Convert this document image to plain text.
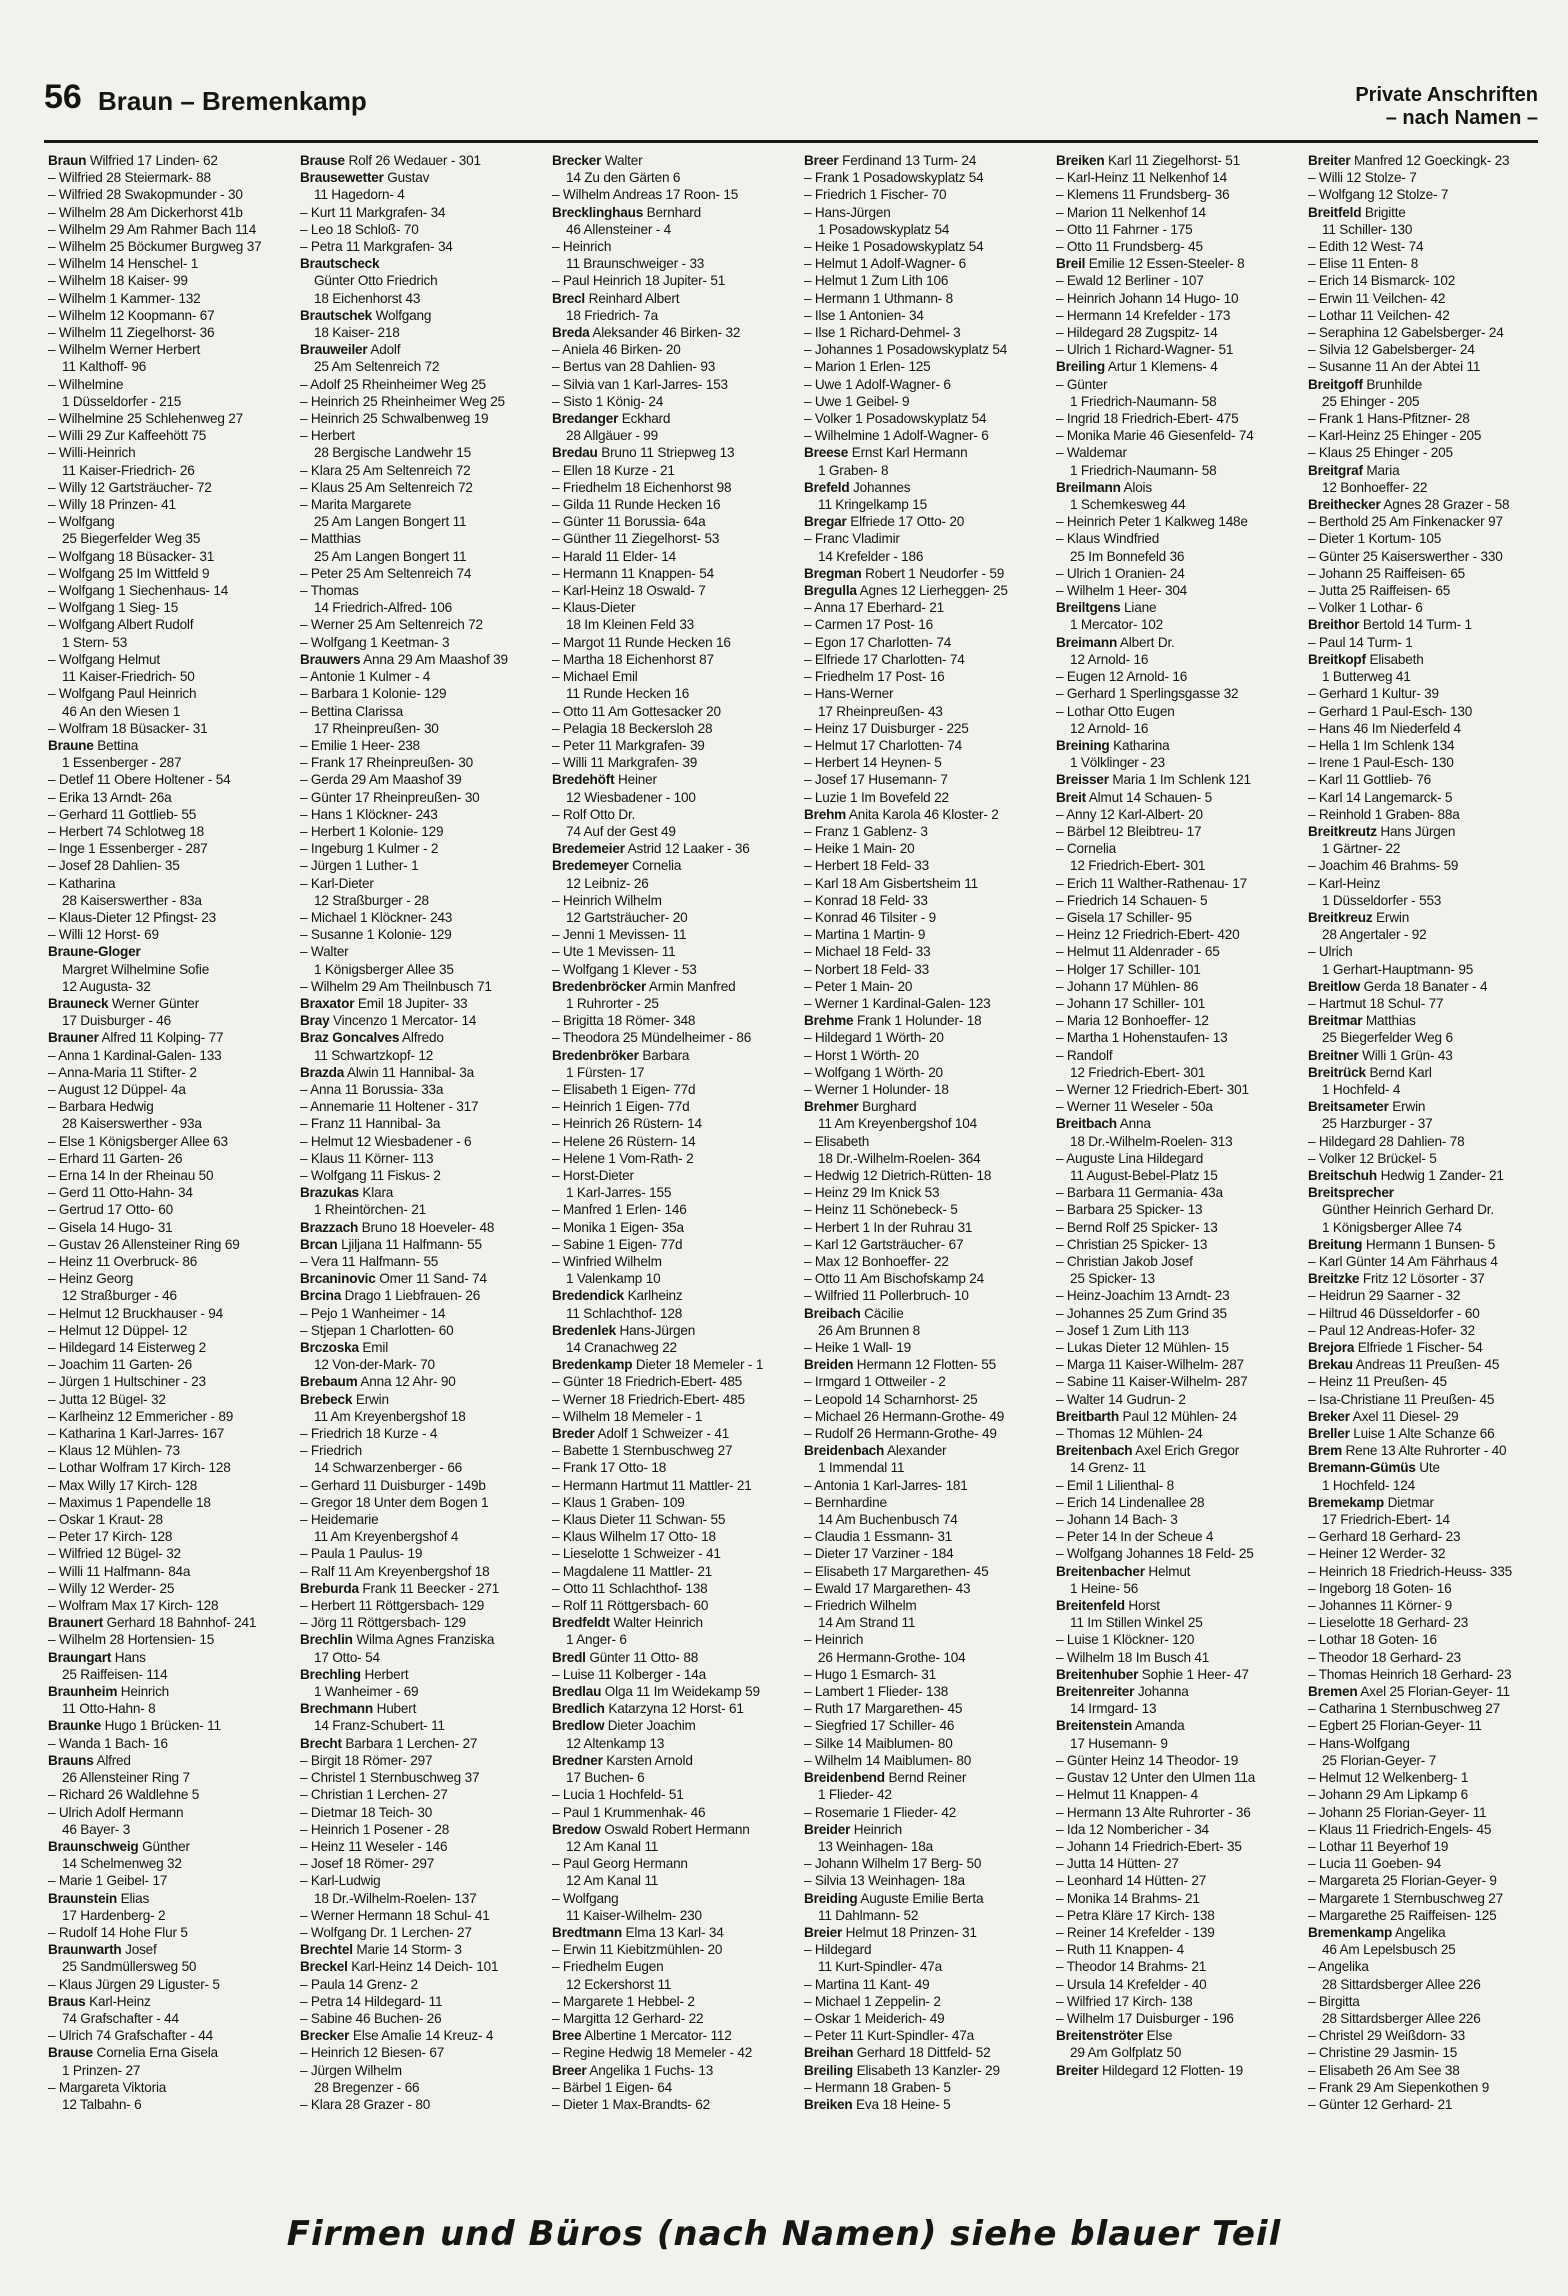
56 Braun – Bremenkamp	Private Anschriften
– nach Namen –
Braun Wilfried 17 Linden- 62
– Wilfried 28 Steiermark- 88
– Wilfried 28 Swakopmunder - 30
– Wilhelm 28 Am Dickerhorst 41b
– Wilhelm 29 Am Rahmer Bach 114
– Wilhelm 25 Böckumer Burgweg 37
– Wilhelm 14 Henschel- 1
– Wilhelm 18 Kaiser- 99
– Wilhelm 1 Kammer- 132
– Wilhelm 12 Koopmann- 67
– Wilhelm 11 Ziegelhorst- 36
– Wilhelm Werner Herbert
11 Kalthoff- 96
– Wilhelmine
1 Düsseldorfer - 215
– Wilhelmine 25 Schlehenweg 27
– Willi 29 Zur Kaffeehött 75
– Willi-Heinrich
11 Kaiser-Friedrich- 26
– Willy 12 Gartsträucher- 72
– Willy 18 Prinzen- 41
– Wolfgang
25 Biegerfelder Weg 35
– Wolfgang 18 Büsacker- 31
– Wolfgang 25 Im Wittfeld 9
– Wolfgang 1 Siechenhaus- 14
– Wolfgang 1 Sieg- 15
– Wolfgang Albert Rudolf
1 Stern- 53
– Wolfgang Helmut
11 Kaiser-Friedrich- 50
– Wolfgang Paul Heinrich
46 An den Wiesen 1
– Wolfram 18 Büsacker- 31
Braune Bettina
1 Essenberger - 287
– Detlef 11 Obere Holtener - 54
– Erika 13 Arndt- 26a
– Gerhard 11 Gottlieb- 55
– Herbert 74 Schlotweg 18
– Inge 1 Essenberger - 287
– Josef 28 Dahlien- 35
– Katharina
28 Kaiserswerther - 83a
– Klaus-Dieter 12 Pfingst- 23
– Willi 12 Horst- 69
Braune-Gloger
Margret Wilhelmine Sofie
12 Augusta- 32
Brauneck Werner Günter
17 Duisburger - 46
Brauner Alfred 11 Kolping- 77
– Anna 1 Kardinal-Galen- 133
– Anna-Maria 11 Stifter- 2
– August 12 Düppel- 4a
– Barbara Hedwig
28 Kaiserswerther - 93a
– Else 1 Königsberger Allee 63
– Erhard 11 Garten- 26
– Erna 14 In der Rheinau 50
– Gerd 11 Otto-Hahn- 34
– Gertrud 17 Otto- 60
– Gisela 14 Hugo- 31
– Gustav 26 Allensteiner Ring 69
– Heinz 11 Overbruck- 86
– Heinz Georg
12 Straßburger - 46
– Helmut 12 Bruckhauser - 94
– Helmut 12 Düppel- 12
– Hildegard 14 Eisterweg 2
– Joachim 11 Garten- 26
– Jürgen 1 Hultschiner - 23
– Jutta 12 Bügel- 32
– Karlheinz 12 Emmericher - 89
– Katharina 1 Karl-Jarres- 167
– Klaus 12 Mühlen- 73
– Lothar Wolfram 17 Kirch- 128
– Max Willy 17 Kirch- 128
– Maximus 1 Papendelle 18
– Oskar 1 Kraut- 28
– Peter 17 Kirch- 128
– Wilfried 12 Bügel- 32
– Willi 11 Halfmann- 84a
– Willy 12 Werder- 25
– Wolfram Max 17 Kirch- 128
Braunert Gerhard 18 Bahnhof- 241
– Wilhelm 28 Hortensien- 15
Braungart Hans
25 Raiffeisen- 114
Braunheim Heinrich
11 Otto-Hahn- 8
Braunke Hugo 1 Brücken- 11
– Wanda 1 Bach- 16
Brauns Alfred
26 Allensteiner Ring 7
– Richard 26 Waldlehne 5
– Ulrich Adolf Hermann
46 Bayer- 3
Braunschweig Günther
14 Schelmenweg 32
– Marie 1 Geibel- 17
Braunstein Elias
17 Hardenberg- 2
– Rudolf 14 Hohe Flur 5
Braunwarth Josef
25 Sandmüllersweg 50
– Klaus Jürgen 29 Liguster- 5
Braus Karl-Heinz
74 Grafschafter - 44
– Ulrich 74 Grafschafter - 44
Brause Cornelia Erna Gisela
1 Prinzen- 27
– Margareta Viktoria
12 Talbahn- 6
Brause Rolf 26 Wedauer - 301
Brausewetter Gustav
11 Hagedorn- 4
– Kurt 11 Markgrafen- 34
– Leo 18 Schloß- 70
– Petra 11 Markgrafen- 34
Brautscheck
Günter Otto Friedrich
18 Eichenhorst 43
Brautschek Wolfgang
18 Kaiser- 218
Brauweiler Adolf
25 Am Seltenreich 72
– Adolf 25 Rheinheimer Weg 25
– Heinrich 25 Rheinheimer Weg 25
– Heinrich 25 Schwalbenweg 19
– Herbert
28 Bergische Landwehr 15
– Klara 25 Am Seltenreich 72
– Klaus 25 Am Seltenreich 72
– Marita Margarete
25 Am Langen Bongert 11
– Matthias
25 Am Langen Bongert 11
– Peter 25 Am Seltenreich 74
– Thomas
14 Friedrich-Alfred- 106
– Werner 25 Am Seltenreich 72
– Wolfgang 1 Keetman- 3
Brauwers Anna 29 Am Maashof 39
– Antonie 1 Kulmer - 4
– Barbara 1 Kolonie- 129
– Bettina Clarissa
17 Rheinpreußen- 30
– Emilie 1 Heer- 238
– Frank 17 Rheinpreußen- 30
– Gerda 29 Am Maashof 39
– Günter 17 Rheinpreußen- 30
– Hans 1 Klöckner- 243
– Herbert 1 Kolonie- 129
– Ingeburg 1 Kulmer - 2
– Jürgen 1 Luther- 1
– Karl-Dieter
12 Straßburger - 28
– Michael 1 Klöckner- 243
– Susanne 1 Kolonie- 129
– Walter
1 Königsberger Allee 35
– Wilhelm 29 Am Theilnbusch 71
Braxator Emil 18 Jupiter- 33
Bray Vincenzo 1 Mercator- 14
Braz Goncalves Alfredo
11 Schwartzkopf- 12
Brazda Alwin 11 Hannibal- 3a
– Anna 11 Borussia- 33a
– Annemarie 11 Holtener - 317
– Franz 11 Hannibal- 3a
– Helmut 12 Wiesbadener - 6
– Klaus 11 Körner- 113
– Wolfgang 11 Fiskus- 2
Brazukas Klara
1 Rheintörchen- 21
Brazzach Bruno 18 Hoeveler- 48
Brcan Ljiljana 11 Halfmann- 55
– Vera 11 Halfmann- 55
Brcaninovic Omer 11 Sand- 74
Brcina Drago 1 Liebfrauen- 26
– Pejo 1 Wanheimer - 14
– Stjepan 1 Charlotten- 60
Brczoska Emil
12 Von-der-Mark- 70
Brebaum Anna 12 Ahr- 90
Brebeck Erwin
11 Am Kreyenbergshof 18
– Friedrich 18 Kurze - 4
– Friedrich
14 Schwarzenberger - 66
– Gerhard 11 Duisburger - 149b
– Gregor 18 Unter dem Bogen 1
– Heidemarie
11 Am Kreyenbergshof 4
– Paula 1 Paulus- 19
– Ralf 11 Am Kreyenbergshof 18
Breburda Frank 11 Beecker - 271
– Herbert 11 Röttgersbach- 129
– Jörg 11 Röttgersbach- 129
Brechlin Wilma Agnes Franziska
17 Otto- 54
Brechling Herbert
1 Wanheimer - 69
Brechmann Hubert
14 Franz-Schubert- 11
Brecht Barbara 1 Lerchen- 27
– Birgit 18 Römer- 297
– Christel 1 Sternbuschweg 37
– Christian 1 Lerchen- 27
– Dietmar 18 Teich- 30
– Heinrich 1 Posener - 28
– Heinz 11 Weseler - 146
– Josef 18 Römer- 297
– Karl-Ludwig
18 Dr.-Wilhelm-Roelen- 137
– Werner Hermann 18 Schul- 41
– Wolfgang Dr. 1 Lerchen- 27
Brechtel Marie 14 Storm- 3
Breckel Karl-Heinz 14 Deich- 101
– Paula 14 Grenz- 2
– Petra 14 Hildegard- 11
– Sabine 46 Buchen- 26
Brecker Else Amalie 14 Kreuz- 4
– Heinrich 12 Biesen- 67
– Jürgen Wilhelm
28 Bregenzer - 66
– Klara 28 Grazer - 80
Brecker Walter
14 Zu den Gärten 6
– Wilhelm Andreas 17 Roon- 15
Brecklinghaus Bernhard
46 Allensteiner - 4
– Heinrich
11 Braunschweiger - 33
– Paul Heinrich 18 Jupiter- 51
Brecl Reinhard Albert
18 Friedrich- 7a
Breda Aleksander 46 Birken- 32
– Aniela 46 Birken- 20
– Bertus van 28 Dahlien- 93
– Silvia van 1 Karl-Jarres- 153
– Sisto 1 König- 24
Bredanger Eckhard
28 Allgäuer - 99
Bredau Bruno 11 Striepweg 13
– Ellen 18 Kurze - 21
– Friedhelm 18 Eichenhorst 98
– Gilda 11 Runde Hecken 16
– Günter 11 Borussia- 64a
– Günther 11 Ziegelhorst- 53
– Harald 11 Elder- 14
– Hermann 11 Knappen- 54
– Karl-Heinz 18 Oswald- 7
– Klaus-Dieter
18 Im Kleinen Feld 33
– Margot 11 Runde Hecken 16
– Martha 18 Eichenhorst 87
– Michael Emil
11 Runde Hecken 16
– Otto 11 Am Gottesacker 20
– Pelagia 18 Beckersloh 28
– Peter 11 Markgrafen- 39
– Willi 11 Markgrafen- 39
Bredehöft Heiner
12 Wiesbadener - 100
– Rolf Otto Dr.
74 Auf der Gest 49
Bredemeier Astrid 12 Laaker - 36
Bredemeyer Cornelia
12 Leibniz- 26
– Heinrich Wilhelm
12 Gartsträucher- 20
– Jenni 1 Mevissen- 11
– Ute 1 Mevissen- 11
– Wolfgang 1 Klever - 53
Bredenbröcker Armin Manfred
1 Ruhrorter - 25
– Brigitta 18 Römer- 348
– Theodora 25 Mündelheimer - 86
Bredenbröker Barbara
1 Fürsten- 17
– Elisabeth 1 Eigen- 77d
– Heinrich 1 Eigen- 77d
– Heinrich 26 Rüstern- 14
– Helene 26 Rüstern- 14
– Helene 1 Vom-Rath- 2
– Horst-Dieter
1 Karl-Jarres- 155
– Manfred 1 Erlen- 146
– Monika 1 Eigen- 35a
– Sabine 1 Eigen- 77d
– Winfried Wilhelm
1 Valenkamp 10
Bredendick Karlheinz
11 Schlachthof- 128
Bredenlek Hans-Jürgen
14 Cranachweg 22
Bredenkamp Dieter 18 Memeler - 1
– Günter 18 Friedrich-Ebert- 485
– Werner 18 Friedrich-Ebert- 485
– Wilhelm 18 Memeler - 1
Breder Adolf 1 Schweizer - 41
– Babette 1 Sternbuschweg 27
– Frank 17 Otto- 18
– Hermann Hartmut 11 Mattler- 21
– Klaus 1 Graben- 109
– Klaus Dieter 11 Schwan- 55
– Klaus Wilhelm 17 Otto- 18
– Lieselotte 1 Schweizer - 41
– Magdalene 11 Mattler- 21
– Otto 11 Schlachthof- 138
– Rolf 11 Röttgersbach- 60
Bredfeldt Walter Heinrich
1 Anger- 6
Bredl Günter 11 Otto- 88
– Luise 11 Kolberger - 14a
Bredlau Olga 11 Im Weidekamp 59
Bredlich Katarzyna 12 Horst- 61
Bredlow Dieter Joachim
12 Altenkamp 13
Bredner Karsten Arnold
17 Buchen- 6
– Lucia 1 Hochfeld- 51
– Paul 1 Krummenhak- 46
Bredow Oswald Robert Hermann
12 Am Kanal 11
– Paul Georg Hermann
12 Am Kanal 11
– Wolfgang
11 Kaiser-Wilhelm- 230
Bredtmann Elma 13 Karl- 34
– Erwin 11 Kiebitzmühlen- 20
– Friedhelm Eugen
12 Eckershorst 11
– Margarete 1 Hebbel- 2
– Margitta 12 Gerhard- 22
Bree Albertine 1 Mercator- 112
– Regine Hedwig 18 Memeler - 42
Breer Angelika 1 Fuchs- 13
– Bärbel 1 Eigen- 64
– Dieter 1 Max-Brandts- 62
Breer Ferdinand 13 Turm- 24
– Frank 1 Posadowskyplatz 54
– Friedrich 1 Fischer- 70
– Hans-Jürgen
1 Posadowskyplatz 54
– Heike 1 Posadowskyplatz 54
– Helmut 1 Adolf-Wagner- 6
– Helmut 1 Zum Lith 106
– Hermann 1 Uthmann- 8
– Ilse 1 Antonien- 34
– Ilse 1 Richard-Dehmel- 3
– Johannes 1 Posadowskyplatz 54
– Marion 1 Erlen- 125
– Uwe 1 Adolf-Wagner- 6
– Uwe 1 Geibel- 9
– Volker 1 Posadowskyplatz 54
– Wilhelmine 1 Adolf-Wagner- 6
Breese Ernst Karl Hermann
1 Graben- 8
Brefeld Johannes
11 Kringelkamp 15
Bregar Elfriede 17 Otto- 20
– Franc Vladimir
14 Krefelder - 186
Bregman Robert 1 Neudorfer - 59
Bregulla Agnes 12 Lierheggen- 25
– Anna 17 Eberhard- 21
– Carmen 17 Post- 16
– Egon 17 Charlotten- 74
– Elfriede 17 Charlotten- 74
– Friedhelm 17 Post- 16
– Hans-Werner
17 Rheinpreußen- 43
– Heinz 17 Duisburger - 225
– Helmut 17 Charlotten- 74
– Herbert 14 Heynen- 5
– Josef 17 Husemann- 7
– Luzie 1 Im Bovefeld 22
Brehm Anita Karola 46 Kloster- 2
– Franz 1 Gablenz- 3
– Heike 1 Main- 20
– Herbert 18 Feld- 33
– Karl 18 Am Gisbertsheim 11
– Konrad 18 Feld- 33
– Konrad 46 Tilsiter - 9
– Martina 1 Martin- 9
– Michael 18 Feld- 33
– Norbert 18 Feld- 33
– Peter 1 Main- 20
– Werner 1 Kardinal-Galen- 123
Brehme Frank 1 Holunder- 18
– Hildegard 1 Wörth- 20
– Horst 1 Wörth- 20
– Wolfgang 1 Wörth- 20
– Werner 1 Holunder- 18
Brehmer Burghard
11 Am Kreyenbergshof 104
– Elisabeth
18 Dr.-Wilhelm-Roelen- 364
– Hedwig 12 Dietrich-Rütten- 18
– Heinz 29 Im Knick 53
– Heinz 11 Schönebeck- 5
– Herbert 1 In der Ruhrau 31
– Karl 12 Gartsträucher- 67
– Max 12 Bonhoeffer- 22
– Otto 11 Am Bischofskamp 24
– Wilfried 11 Pollerbruch- 10
Breibach Cäcilie
26 Am Brunnen 8
– Heike 1 Wall- 19
Breiden Hermann 12 Flotten- 55
– Irmgard 1 Ottweiler - 2
– Leopold 14 Scharnhorst- 25
– Michael 26 Hermann-Grothe- 49
– Rudolf 26 Hermann-Grothe- 49
Breidenbach Alexander
1 Immendal 11
– Antonia 1 Karl-Jarres- 181
– Bernhardine
14 Am Buchenbusch 74
– Claudia 1 Essmann- 31
– Dieter 17 Varziner - 184
– Elisabeth 17 Margarethen- 45
– Ewald 17 Margarethen- 43
– Friedrich Wilhelm
14 Am Strand 11
– Heinrich
26 Hermann-Grothe- 104
– Hugo 1 Esmarch- 31
– Lambert 1 Flieder- 138
– Ruth 17 Margarethen- 45
– Siegfried 17 Schiller- 46
– Silke 14 Maiblumen- 80
– Wilhelm 14 Maiblumen- 80
Breidenbend Bernd Reiner
1 Flieder- 42
– Rosemarie 1 Flieder- 42
Breider Heinrich
13 Weinhagen- 18a
– Johann Wilhelm 17 Berg- 50
– Silvia 13 Weinhagen- 18a
Breiding Auguste Emilie Berta
11 Dahlmann- 52
Breier Helmut 18 Prinzen- 31
– Hildegard
11 Kurt-Spindler- 47a
– Martina 11 Kant- 49
– Michael 1 Zeppelin- 2
– Oskar 1 Meiderich- 49
– Peter 11 Kurt-Spindler- 47a
Breihan Gerhard 18 Dittfeld- 52
Breiling Elisabeth 13 Kanzler- 29
– Hermann 18 Graben- 5
Breiken Eva 18 Heine- 5
Breiken Karl 11 Ziegelhorst- 51
– Karl-Heinz 11 Nelkenhof 14
– Klemens 11 Frundsberg- 36
– Marion 11 Nelkenhof 14
– Otto 11 Fahrner - 175
– Otto 11 Frundsberg- 45
Breil Emilie 12 Essen-Steeler- 8
– Ewald 12 Berliner - 107
– Heinrich Johann 14 Hugo- 10
– Hermann 14 Krefelder - 173
– Hildegard 28 Zugspitz- 14
– Ulrich 1 Richard-Wagner- 51
Breiling Artur 1 Klemens- 4
– Günter
1 Friedrich-Naumann- 58
– Ingrid 18 Friedrich-Ebert- 475
– Monika Marie 46 Giesenfeld- 74
– Waldemar
1 Friedrich-Naumann- 58
Breilmann Alois
1 Schemkesweg 44
– Heinrich Peter 1 Kalkweg 148e
– Klaus Windfried
25 Im Bonnefeld 36
– Ulrich 1 Oranien- 24
– Wilhelm 1 Heer- 304
Breiltgens Liane
1 Mercator- 102
Breimann Albert Dr.
12 Arnold- 16
– Eugen 12 Arnold- 16
– Gerhard 1 Sperlingsgasse 32
– Lothar Otto Eugen
12 Arnold- 16
Breining Katharina
1 Völklinger - 23
Breisser Maria 1 Im Schlenk 121
Breit Almut 14 Schauen- 5
– Anny 12 Karl-Albert- 20
– Bärbel 12 Bleibtreu- 17
– Cornelia
12 Friedrich-Ebert- 301
– Erich 11 Walther-Rathenau- 17
– Friedrich 14 Schauen- 5
– Gisela 17 Schiller- 95
– Heinz 12 Friedrich-Ebert- 420
– Helmut 11 Aldenrader - 65
– Holger 17 Schiller- 101
– Johann 17 Mühlen- 86
– Johann 17 Schiller- 101
– Maria 12 Bonhoeffer- 12
– Martha 1 Hohenstaufen- 13
– Randolf
12 Friedrich-Ebert- 301
– Werner 12 Friedrich-Ebert- 301
– Werner 11 Weseler - 50a
Breitbach Anna
18 Dr.-Wilhelm-Roelen- 313
– Auguste Lina Hildegard
11 August-Bebel-Platz 15
– Barbara 11 Germania- 43a
– Barbara 25 Spicker- 13
– Bernd Rolf 25 Spicker- 13
– Christian 25 Spicker- 13
– Christian Jakob Josef
25 Spicker- 13
– Heinz-Joachim 13 Arndt- 23
– Johannes 25 Zum Grind 35
– Josef 1 Zum Lith 113
– Lukas Dieter 12 Mühlen- 15
– Marga 11 Kaiser-Wilhelm- 287
– Sabine 11 Kaiser-Wilhelm- 287
– Walter 14 Gudrun- 2
Breitbarth Paul 12 Mühlen- 24
– Thomas 12 Mühlen- 24
Breitenbach Axel Erich Gregor
14 Grenz- 11
– Emil 1 Lilienthal- 8
– Erich 14 Lindenallee 28
– Johann 14 Bach- 3
– Peter 14 In der Scheue 4
– Wolfgang Johannes 18 Feld- 25
Breitenbacher Helmut
1 Heine- 56
Breitenfeld Horst
11 Im Stillen Winkel 25
– Luise 1 Klöckner- 120
– Wilhelm 18 Im Busch 41
Breitenhuber Sophie 1 Heer- 47
Breitenreiter Johanna
14 Irmgard- 13
Breitenstein Amanda
17 Husemann- 9
– Günter Heinz 14 Theodor- 19
– Gustav 12 Unter den Ulmen 11a
– Helmut 11 Knappen- 4
– Hermann 13 Alte Ruhrorter - 36
– Ida 12 Nombericher - 34
– Johann 14 Friedrich-Ebert- 35
– Jutta 14 Hütten- 27
– Leonhard 14 Hütten- 27
– Monika 14 Brahms- 21
– Petra Kläre 17 Kirch- 138
– Reiner 14 Krefelder - 139
– Ruth 11 Knappen- 4
– Theodor 14 Brahms- 21
– Ursula 14 Krefelder - 40
– Wilfried 17 Kirch- 138
– Wilhelm 17 Duisburger - 196
Breitenströter Else
29 Am Golfplatz 50
Breiter Hildegard 12 Flotten- 19
Breiter Manfred 12 Goeckingk- 23
– Willi 12 Stolze- 7
– Wolfgang 12 Stolze- 7
Breitfeld Brigitte
11 Schiller- 130
– Edith 12 West- 74
– Elise 11 Enten- 8
– Erich 14 Bismarck- 102
– Erwin 11 Veilchen- 42
– Lothar 11 Veilchen- 42
– Seraphina 12 Gabelsberger- 24
– Silvia 12 Gabelsberger- 24
– Susanne 11 An der Abtei 11
Breitgoff Brunhilde
25 Ehinger - 205
– Frank 1 Hans-Pfitzner- 28
– Karl-Heinz 25 Ehinger - 205
– Klaus 25 Ehinger - 205
Breitgraf Maria
12 Bonhoeffer- 22
Breithecker Agnes 28 Grazer - 58
– Berthold 25 Am Finkenacker 97
– Dieter 1 Kortum- 105
– Günter 25 Kaiserswerther - 330
– Johann 25 Raiffeisen- 65
– Jutta 25 Raiffeisen- 65
– Volker 1 Lothar- 6
Breithor Bertold 14 Turm- 1
– Paul 14 Turm- 1
Breitkopf Elisabeth
1 Butterweg 41
– Gerhard 1 Kultur- 39
– Gerhard 1 Paul-Esch- 130
– Hans 46 Im Niederfeld 4
– Hella 1 Im Schlenk 134
– Irene 1 Paul-Esch- 130
– Karl 11 Gottlieb- 76
– Karl 14 Langemarck- 5
– Reinhold 1 Graben- 88a
Breitkreutz Hans Jürgen
1 Gärtner- 22
– Joachim 46 Brahms- 59
– Karl-Heinz
1 Düsseldorfer - 553
Breitkreuz Erwin
28 Angertaler - 92
– Ulrich
1 Gerhart-Hauptmann- 95
Breitlow Gerda 18 Banater - 4
– Hartmut 18 Schul- 77
Breitmar Matthias
25 Biegerfelder Weg 6
Breitner Willi 1 Grün- 43
Breitrück Bernd Karl
1 Hochfeld- 4
Breitsameter Erwin
25 Harzburger - 37
– Hildegard 28 Dahlien- 78
– Volker 12 Brückel- 5
Breitschuh Hedwig 1 Zander- 21
Breitsprecher
Günther Heinrich Gerhard Dr.
1 Königsberger Allee 74
Breitung Hermann 1 Bunsen- 5
– Karl Günter 14 Am Fährhaus 4
Breitzke Fritz 12 Lösorter - 37
– Heidrun 29 Saarner - 32
– Hiltrud 46 Düsseldorfer - 60
– Paul 12 Andreas-Hofer- 32
Brejora Elfriede 1 Fischer- 54
Brekau Andreas 11 Preußen- 45
– Heinz 11 Preußen- 45
– Isa-Christiane 11 Preußen- 45
Breker Axel 11 Diesel- 29
Breller Luise 1 Alte Schanze 66
Brem Rene 13 Alte Ruhrorter - 40
Bremann-Gümüs Ute
1 Hochfeld- 124
Bremekamp Dietmar
17 Friedrich-Ebert- 14
– Gerhard 18 Gerhard- 23
– Heiner 12 Werder- 32
– Heinrich 18 Friedrich-Heuss- 335
– Ingeborg 18 Goten- 16
– Johannes 11 Körner- 9
– Lieselotte 18 Gerhard- 23
– Lothar 18 Goten- 16
– Theodor 18 Gerhard- 23
– Thomas Heinrich 18 Gerhard- 23
Bremen Axel 25 Florian-Geyer- 11
– Catharina 1 Sternbuschweg 27
– Egbert 25 Florian-Geyer- 11
– Hans-Wolfgang
25 Florian-Geyer- 7
– Helmut 12 Welkenberg- 1
– Johann 29 Am Lipkamp 6
– Johann 25 Florian-Geyer- 11
– Klaus 11 Friedrich-Engels- 45
– Lothar 11 Beyerhof 19
– Lucia 11 Goeben- 94
– Margareta 25 Florian-Geyer- 9
– Margarete 1 Sternbuschweg 27
– Margarethe 25 Raiffeisen- 125
Bremenkamp Angelika
46 Am Lepelsbusch 25
– Angelika
28 Sittardsberger Allee 226
– Birgitta
28 Sittardsberger Allee 226
– Christel 29 Weißdorn- 33
– Christine 29 Jasmin- 15
– Elisabeth 26 Am See 38
– Frank 29 Am Siepenkothen 9
– Günter 12 Gerhard- 21
Firmen und Büros (nach Namen) siehe blauer Teil
